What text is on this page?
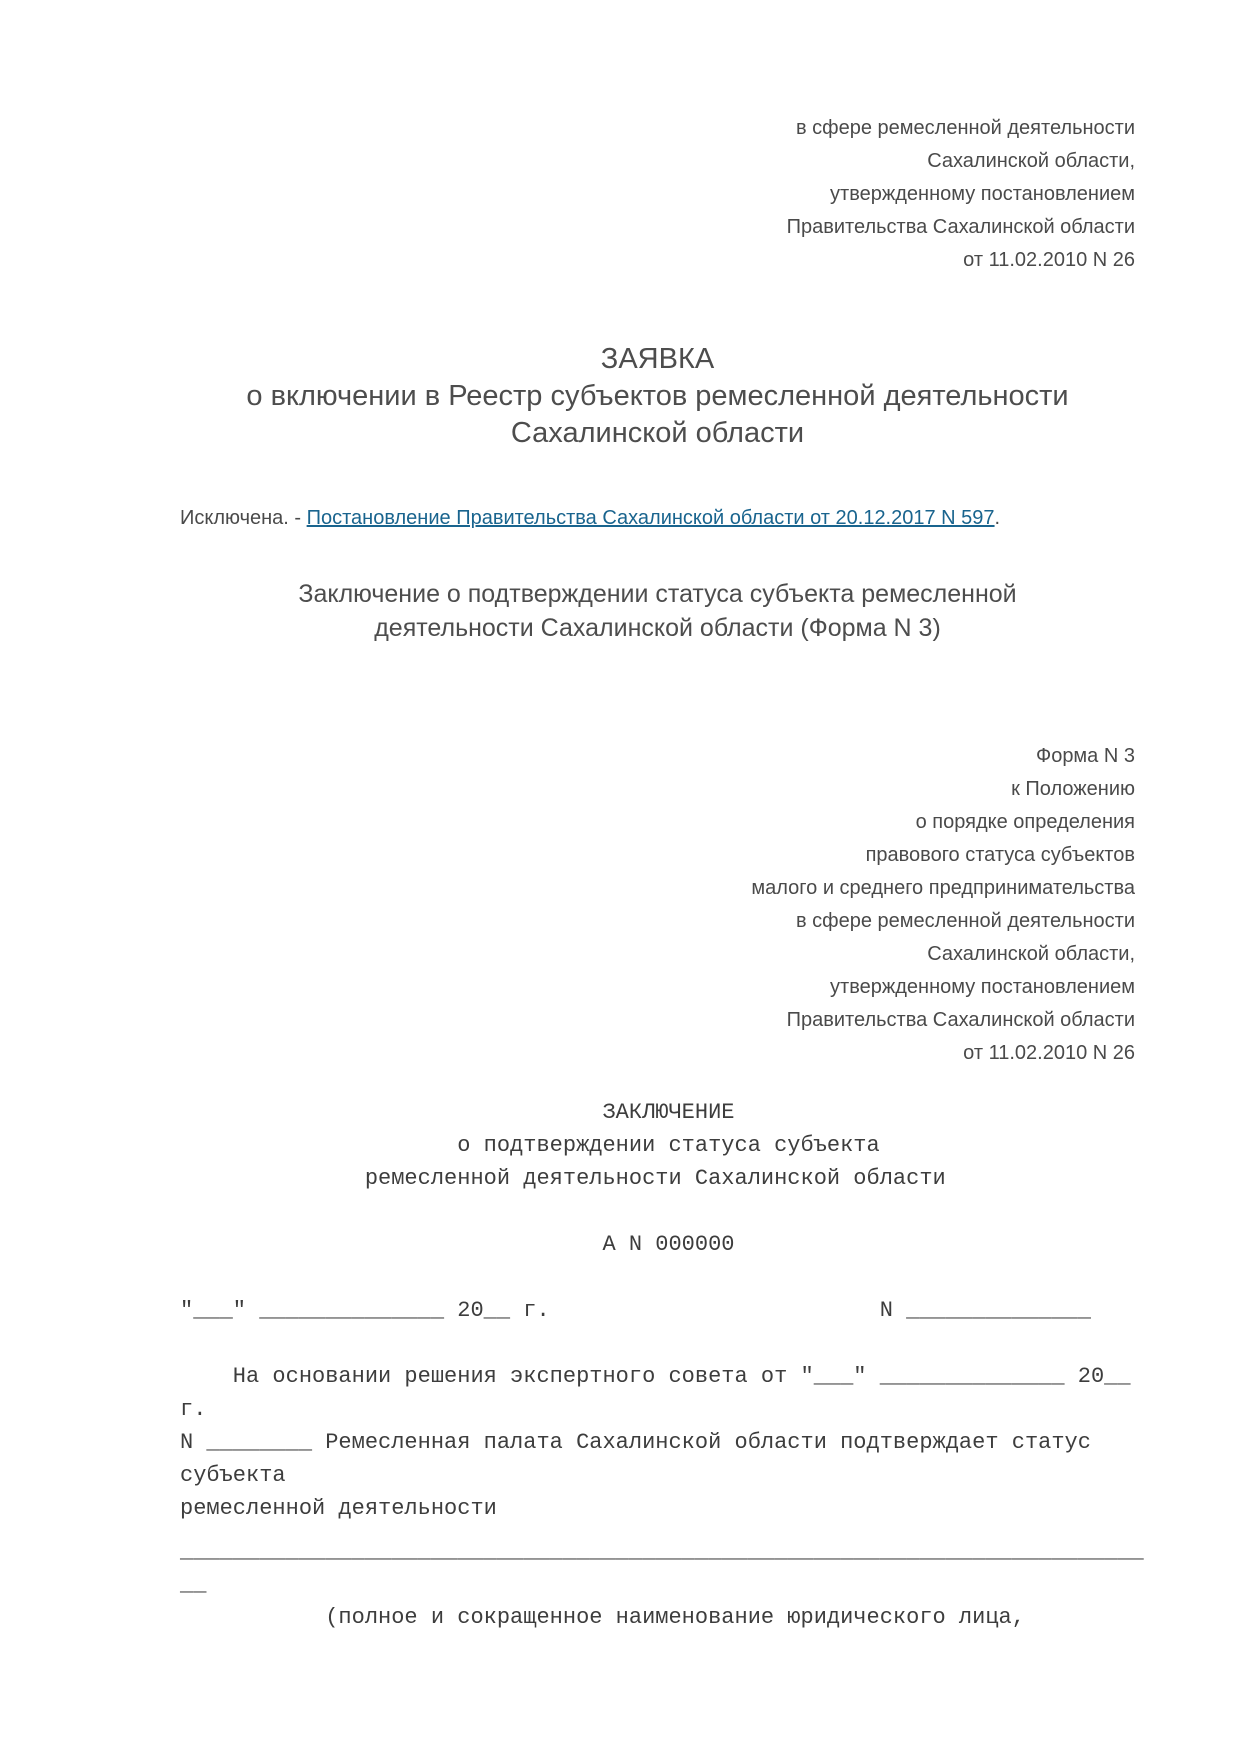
в сфере ремесленной деятельности
Сахалинской области,
утвержденному постановлением
Правительства Сахалинской области
от 11.02.2010 N 26
ЗАЯВКА
о включении в Реестр субъектов ремесленной деятельности
Сахалинской области
Исключена. - Постановление Правительства Сахалинской области от 20.12.2017 N 597.
Заключение о подтверждении статуса субъекта ремесленной
деятельности Сахалинской области (Форма N 3)
Форма N 3
к Положению
о порядке определения
правового статуса субъектов
малого и среднего предпринимательства
в сфере ремесленной деятельности
Сахалинской области,
утвержденному постановлением
Правительства Сахалинской области
от 11.02.2010 N 26
ЗАКЛЮЧЕНИЕ
о подтверждении статуса субъекта
ремесленной деятельности Сахалинской области

А N 000000

"___" ______________ 20__ г.                         N ______________

На основании решения экспертного совета от "___" ______________ 20__
г.
N ________ Ремесленная палата Сахалинской области подтверждает статус
субъекта
ремесленной деятельности
_________________________________________________________________________
__
(полное и сокращенное наименование юридического лица,
